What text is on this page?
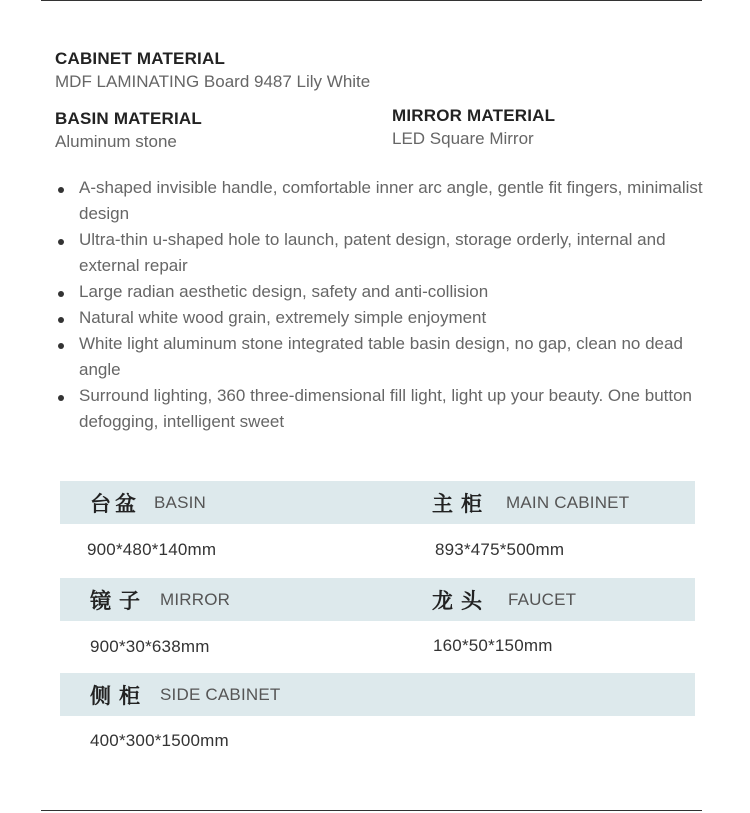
CABINET MATERIAL
MDF LAMINATING Board 9487 Lily White
BASIN MATERIAL
Aluminum stone
MIRROR MATERIAL
LED Square Mirror
A-shaped invisible handle, comfortable inner arc angle, gentle fit fingers, minimalist design
Ultra-thin u-shaped hole to launch, patent design, storage orderly, internal and external repair
Large radian aesthetic design, safety and anti-collision
Natural white wood grain, extremely simple enjoyment
White light aluminum stone integrated table basin design, no gap, clean no dead angle
Surround lighting, 360 three-dimensional fill light, light up your beauty. One button defogging, intelligent sweet
台盆 BASIN	主柜 MAIN CABINET
900*480*140mm	893*475*500mm
镜子 MIRROR	龙头 FAUCET
900*30*638mm	160*50*150mm
侧柜 SIDE CABINET
400*300*1500mm
